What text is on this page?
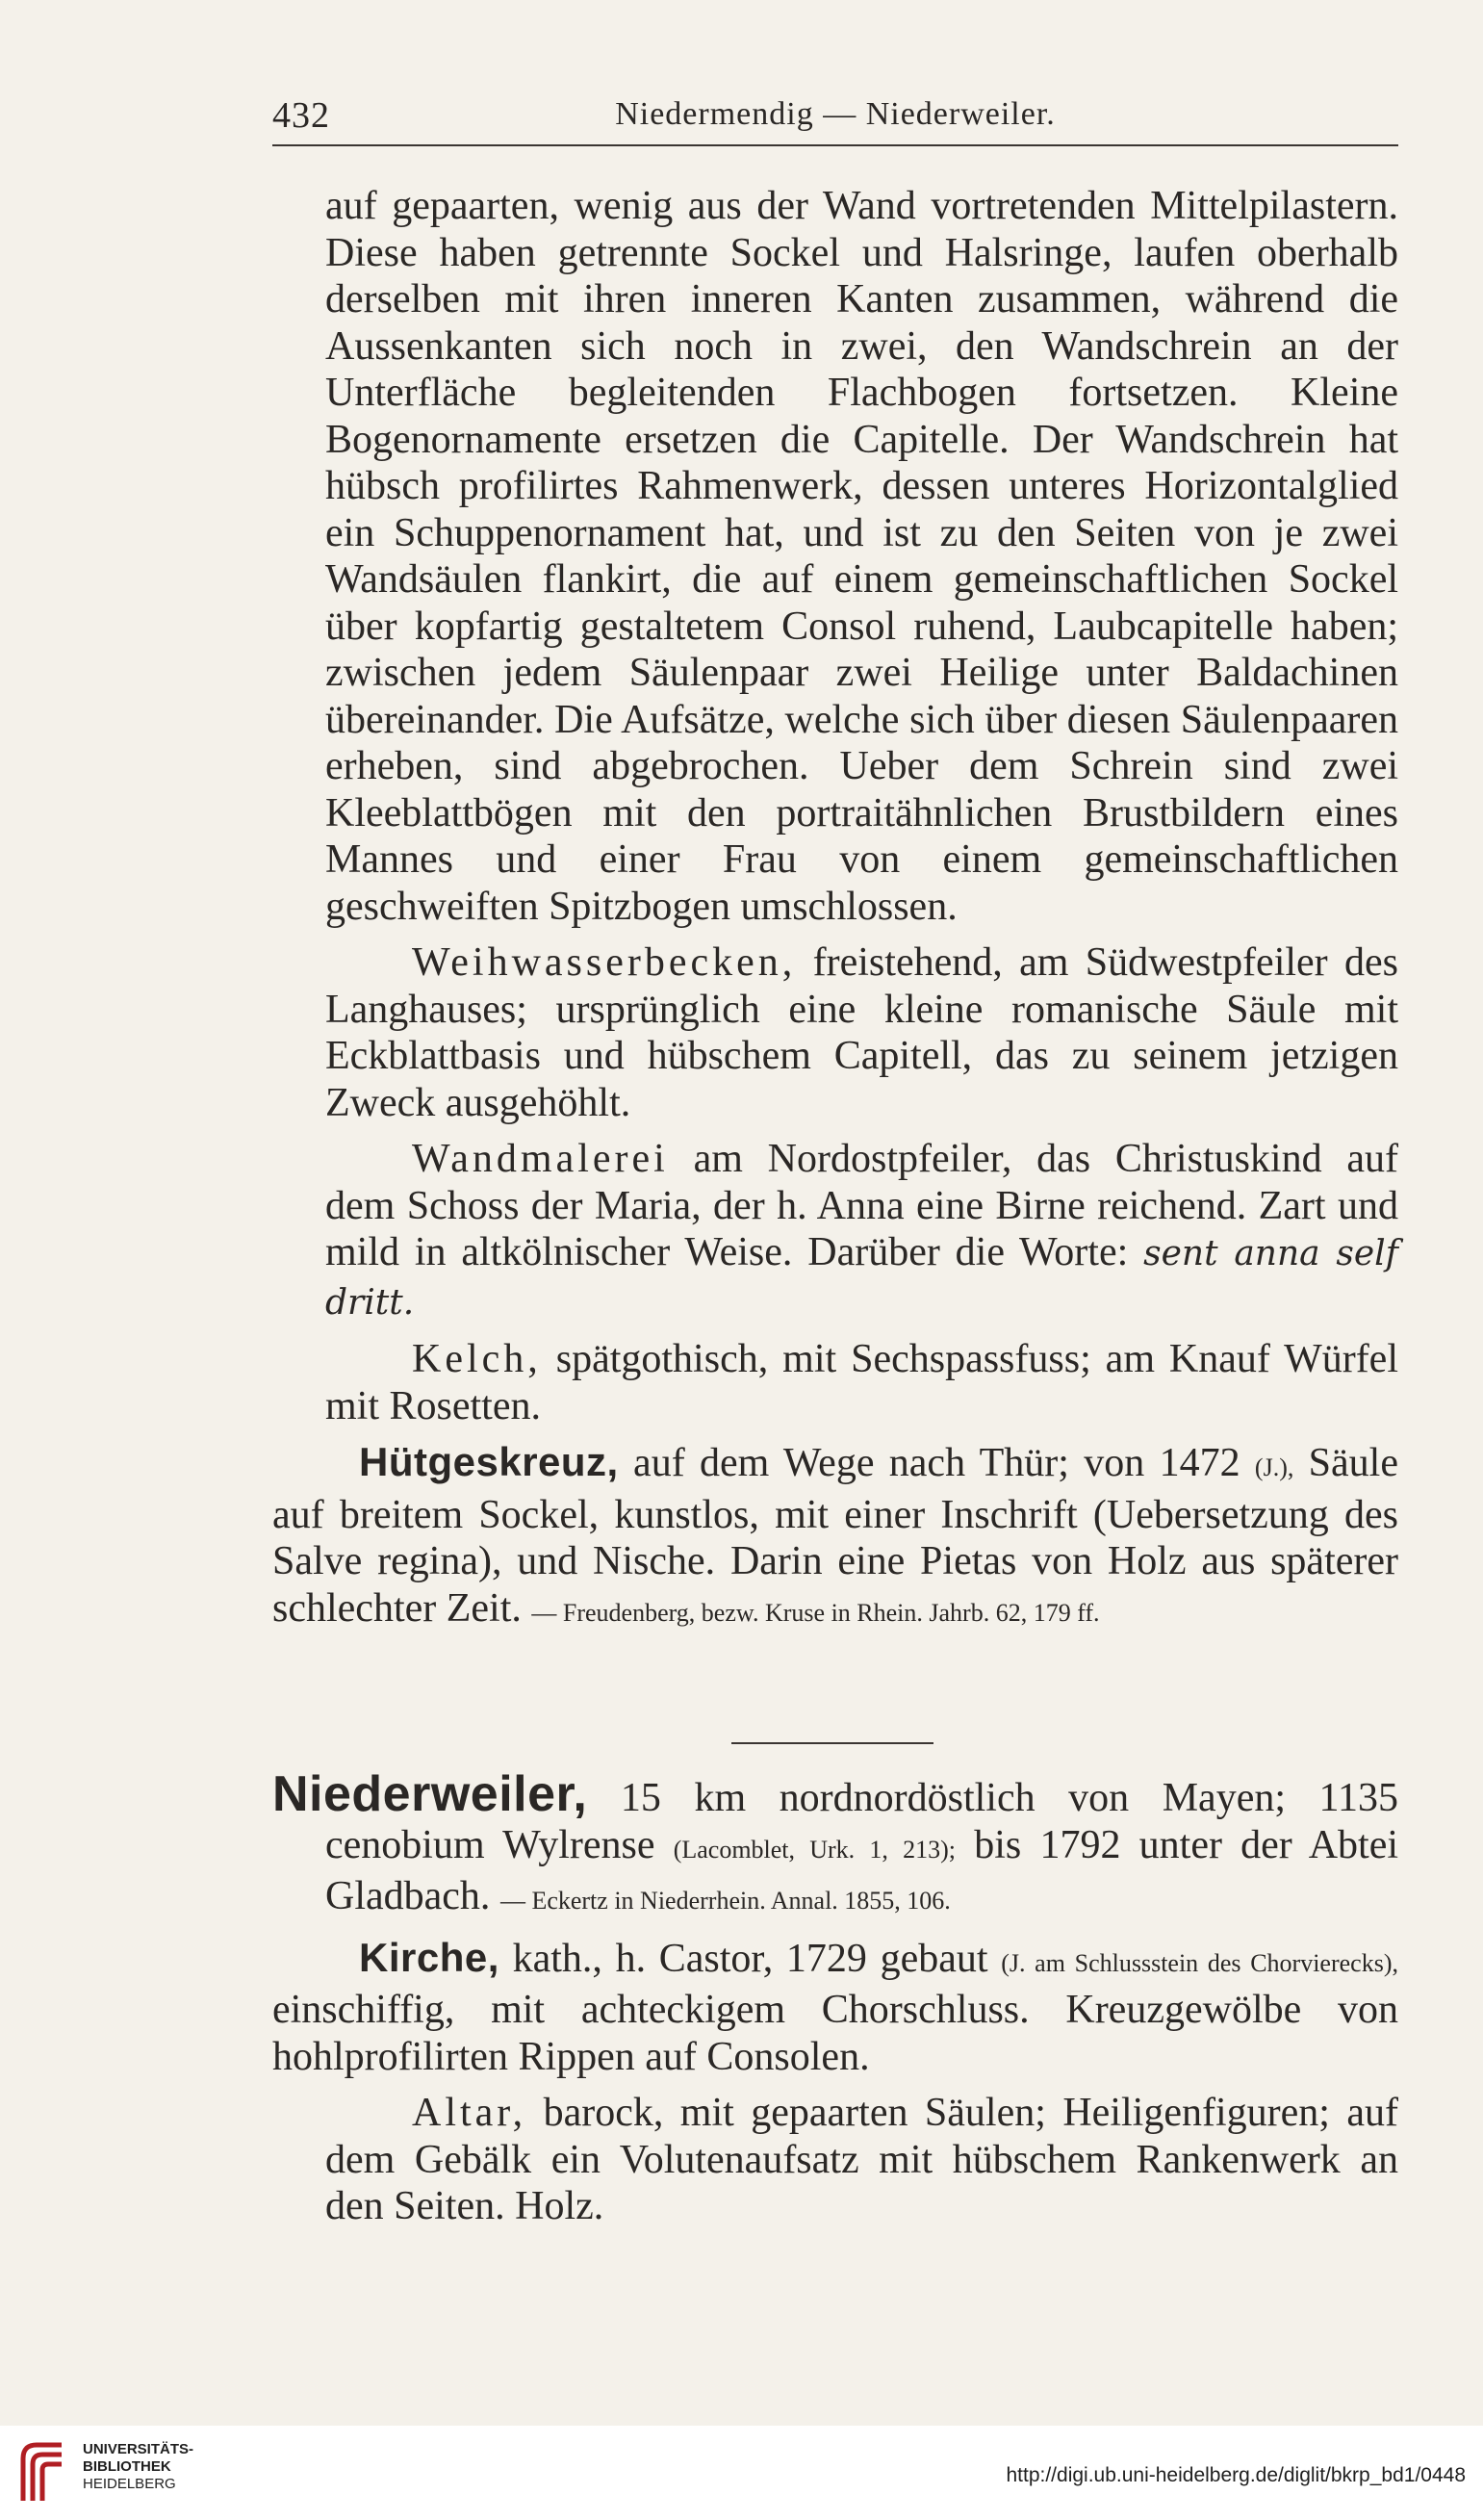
432	Niedermendig — Niederweiler.

auf gepaarten, wenig aus der Wand vortretenden Mittelpilastern. Diese haben getrennte Sockel und Halsringe, laufen oberhalb derselben mit ihren inneren Kanten zusammen, während die Aussenkanten sich noch in zwei, den Wandschrein an der Unterfläche begleitenden Flachbogen fortsetzen. Kleine Bogenornamente ersetzen die Capitelle. Der Wandschrein hat hübsch profilirtes Rahmenwerk, dessen unteres Horizontalglied ein Schuppenornament hat, und ist zu den Seiten von je zwei Wandsäulen flankirt, die auf einem gemeinschaftlichen Sockel über kopfartig gestaltetem Consol ruhend, Laubcapitelle haben; zwischen jedem Säulenpaar zwei Heilige unter Baldachinen übereinander. Die Aufsätze, welche sich über diesen Säulenpaaren erheben, sind abgebrochen. Ueber dem Schrein sind zwei Kleeblattbögen mit den portraitähnlichen Brustbildern eines Mannes und einer Frau von einem gemeinschaftlichen geschweiften Spitzbogen umschlossen.

Weihwasserbecken, freistehend, am Südwestpfeiler des Langhauses; ursprünglich eine kleine romanische Säule mit Eckblattbasis und hübschem Capitell, das zu seinem jetzigen Zweck ausgehöhlt.

Wandmalerei am Nordostpfeiler, das Christuskind auf dem Schoss der Maria, der h. Anna eine Birne reichend. Zart und mild in altkölnischer Weise. Darüber die Worte: sent anna self dritt.

Kelch, spätgothisch, mit Sechspassfuss; am Knauf Würfel mit Rosetten.

Hütgeskreuz, auf dem Wege nach Thür; von 1472 (J.), Säule auf breitem Sockel, kunstlos, mit einer Inschrift (Uebersetzung des Salve regina), und Nische. Darin eine Pietas von Holz aus späterer schlechter Zeit. — Freudenberg, bezw. Kruse in Rhein. Jahrb. 62, 179 ff.

Niederweiler, 15 km nordnordöstlich von Mayen; 1135 cenobium Wylrense (Lacomblet, Urk. 1, 213); bis 1792 unter der Abtei Gladbach. — Eckertz in Niederrhein. Annal. 1855, 106.

Kirche, kath., h. Castor, 1729 gebaut (J. am Schlussstein des Chorvierecks), einschiffig, mit achteckigem Chorschluss. Kreuzgewölbe von hohlprofilirten Rippen auf Consolen.

Altar, barock, mit gepaarten Säulen; Heiligenfiguren; auf dem Gebälk ein Volutenaufsatz mit hübschem Rankenwerk an den Seiten. Holz.

UNIVERSITÄTS-
BIBLIOTHEK
HEIDELBERG	http://digi.ub.uni-heidelberg.de/diglit/bkrp_bd1/0448
